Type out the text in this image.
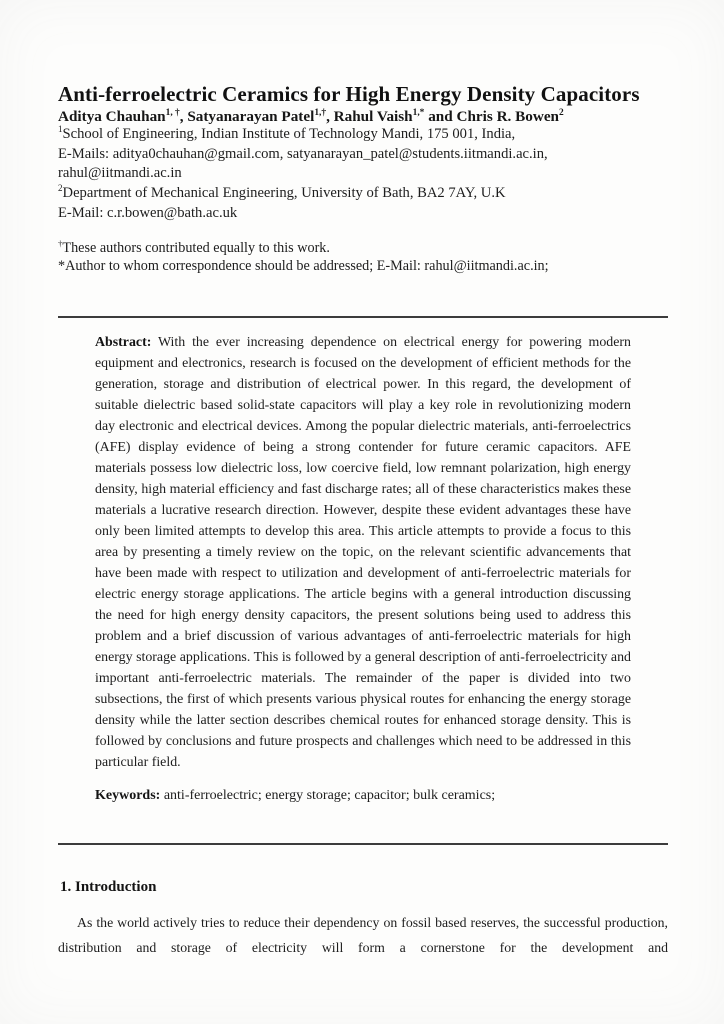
Anti-ferroelectric Ceramics for High Energy Density Capacitors
Aditya Chauhan$^{1, \dagger}$, Satyanarayan Patel$^{1,\dagger}$, Rahul Vaish$^{1,*}$ and Chris R. Bowen$^2$
$^1$School of Engineering, Indian Institute of Technology Mandi, 175 001, India,
E-Mails: aditya0chauhan@gmail.com, satyanarayan_patel@students.iitmandi.ac.in,
rahul@iitmandi.ac.in
$^2$Department of Mechanical Engineering, University of Bath, BA2 7AY, U.K
E-Mail: c.r.bowen@bath.ac.uk
†These authors contributed equally to this work.
*Author to whom correspondence should be addressed; E-Mail: rahul@iitmandi.ac.in;

Abstract: With the ever increasing dependence on electrical energy for powering modern equipment and electronics, research is focused on the development of efficient methods for the generation, storage and distribution of electrical power. In this regard, the development of suitable dielectric based solid-state capacitors will play a key role in revolutionizing modern day electronic and electrical devices. Among the popular dielectric materials, anti-ferroelectrics (AFE) display evidence of being a strong contender for future ceramic capacitors. AFE materials possess low dielectric loss, low coercive field, low remnant polarization, high energy density, high material efficiency and fast discharge rates; all of these characteristics makes these materials a lucrative research direction. However, despite these evident advantages these have only been limited attempts to develop this area. This article attempts to provide a focus to this area by presenting a timely review on the topic, on the relevant scientific advancements that have been made with respect to utilization and development of anti-ferroelectric materials for electric energy storage applications. The article begins with a general introduction discussing the need for high energy density capacitors, the present solutions being used to address this problem and a brief discussion of various advantages of anti-ferroelectric materials for high energy storage applications. This is followed by a general description of anti-ferroelectricity and important anti-ferroelectric materials. The remainder of the paper is divided into two subsections, the first of which presents various physical routes for enhancing the energy storage density while the latter section describes chemical routes for enhanced storage density. This is followed by conclusions and future prospects and challenges which need to be addressed in this particular field.

Keywords: anti-ferroelectric; energy storage; capacitor; bulk ceramics;
1. Introduction

As the world actively tries to reduce their dependency on fossil based reserves, the successful production, distribution and storage of electricity will form a cornerstone for the development and
